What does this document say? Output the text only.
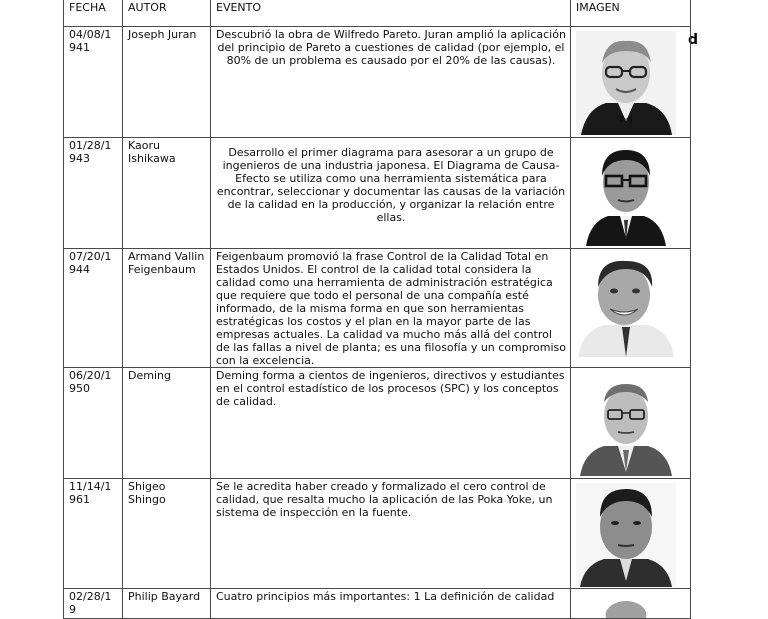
d
FECHA	AUTOR	EVENTO	IMAGEN
04/08/1941	Joseph Juran	Descubrió la obra de Wilfredo Pareto. Juran amplió la aplicación del principio de Pareto a cuestiones de calidad (por ejemplo, el 80% de un problema es causado por el 20% de las causas).	

01/28/1943	Kaoru Ishikawa	Desarrollo el primer diagrama para asesorar a un grupo de ingenieros de una industria japonesa. El Diagrama de Causa-Efecto se utiliza como una herramienta sistemática para encontrar, seleccionar y documentar las causas de la variación de la calidad en la producción, y organizar la relación entre ellas.	

07/20/1944	Armand Vallin Feigenbaum	Feigenbaum promovió la frase Control de la Calidad Total en Estados Unidos. El control de la calidad total considera la calidad como una herramienta de administración estratégica que requiere que todo el personal de una compañía esté informado, de la misma forma en que son herramientas estratégicas los costos y el plan en la mayor parte de las empresas actuales. La calidad va mucho más allá del control de las fallas a nivel de planta; es una filosofía y un compromiso con la excelencia.	

06/20/1950	Deming	Deming forma a cientos de ingenieros, directivos y estudiantes en el control estadístico de los procesos (SPC) y los conceptos de calidad.	

11/14/1961	Shigeo Shingo	Se le acredita haber creado y formalizado el cero control de calidad, que resalta mucho la aplicación de las Poka Yoke, un sistema de inspección en la fuente.	

02/28/19	Philip Bayard	Cuatro principios más importantes: 1 La definición de calidad	
